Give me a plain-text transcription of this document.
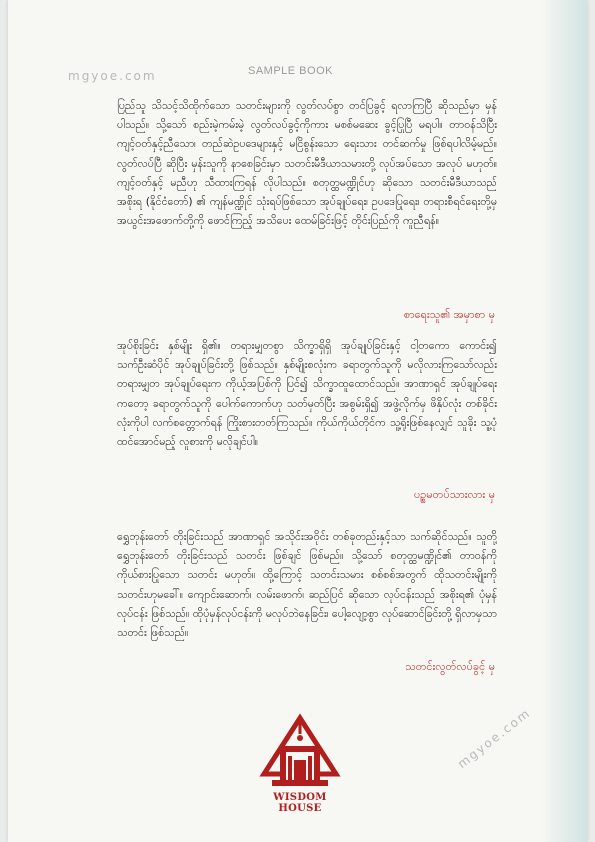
mgyoe.com	SAMPLE BOOK
ပြည်သူ သိသင့်သိထိုက်သော သတင်းများကို လွတ်လပ်စွာ တင်ပြခွင့် ရလာကြပြီ ဆိုသည်မှာ မှန်ပါသည်။ သို့သော် စည်းမဲ့ကမ်းမဲ့ လွတ်လပ်ခွင့်ကိုကား မစစ်မဆေး ခွင့်ပြုပြီ မရပါ။ တာဝန်သိပြီး ကျင့်ဝတ်နှင့်ညီသော၊ တည်ဆဲဥပဒေများနှင့် မငြိစွန်းသော ရေးသား တင်ဆက်မှု ဖြစ်ရပါလိမ့်မည်။ လွတ်လပ်ပြီ ဆိုပြီး မှန်းသူကို နာစေခြင်းမှာ သတင်းမီဒီယာသမားတို့ လုပ်အပ်သော အလုပ် မဟုတ်။ ကျင့်ဝတ်နှင့် မညီဟု သီထားကြရန် လိုပါသည်။ စတုတ္ထမဏ္ဍိုင်ဟု ဆိုသော သတင်းမီဒီယာသည် အစိုးရ (နိုင်ငံတော်) ၏ ကျန်မဏ္ဍိုင် သုံးရပ်ဖြစ်သော အုပ်ချုပ်ရေး၊ ဥပဒေပြုရေး၊ တရားစီရင်ရေးတို့မှ အယွင်းအဖောက်တို့ကို ဖောင်ကြည့် အသိပေး ထေမ်ခြင်းဖြင့် တိုင်းပြည်ကို ကူညီရန်။
စာရေးသူ၏ အမှာစာ မှ
အုပ်စိုးခြင်း နှစ်မျိုး ရှိ၏။ တရားမျှတစွာ သိက္ခာရှိရှိ အုပ်ချုပ်ခြင်းနှင့် ငါ့တကော ကောင်း၍ သက်ဦးဆံပိုင် အုပ်ချုပ်ခြင်းတို့ ဖြစ်သည်။ နှစ်မျိုးစလုံးက ခရာတွက်သူကို မလိုလားကြသော်လည်း တရားမျှတ အုပ်ချုပ်ရေးက ကိုယ့်အပြစ်ကို ပြင်၍ သိက္ခာထူထောင်သည်။ အာဏာရှင် အုပ်ချုပ်ရေးကတော့ ခရာတွက်သူကို ပေါက်ကောက်ဟု သတ်မှတ်ပြီး အစွမ်းရှိ၍ အဖွဲ့လိုက်မှ ဖိနှိပ်လုံး တစ်ခိုင်းလုံးကိုပါ လက်စတ္တောက်ရန် ကြိုးစားတတ်ကြသည်။ ကိုယ်ကိုယ်တိုင်က သူ့ရိုးဖြစ်နေလျှင် သူခိုး သူ့ပုံ ထင်အောင်မည့် လူစားကို မလိုချင်ပါ။
ပဥ္စမတပ်သားလား မှ
ရွှေဘုန်းတော် တိုးခြင်းသည် အာဏာရှင် အသိုင်းအဝိုင်း တစ်ခုတည်းနှင့်သာ သက်ဆိုင်သည်။ သူတို့ ရွှေဘုန်းတော် တိုးခြင်းသည် သတင်း ဖြစ်ချင် ဖြစ်မည်။ သို့သော် စတုတ္ထမဏ္ဍိုင်၏ တာဝန်ကို ကိုယ်စားပြုသော သတင်း မဟုတ်။ ထို့ကြောင့် သတင်းသမား စစ်စစ်အတွက် ထိုသတင်းမျိုးကို သတင်းဟုမခေါ်။ ကျောင်းဆောက်၊ လမ်းဖောက်၊ ဆည်ပြင် ဆိုသော လုပ်ငန်းသည် အစိုးရ၏ ပုံမှန်လုပ်ငန်း ဖြစ်သည်။ ထိုပုံမှန်လုပ်ငန်းကို မလုပ်ဘဲနေခြင်း၊ ပေါ့လျော့စွာ လုပ်ဆောင်ခြင်းတို့ ရှိလာမှသာ သတင်း ဖြစ်သည်။
သတင်းလွတ်လပ်ခွင့် မှ
WISDOM HOUSE
mgyoe.com
